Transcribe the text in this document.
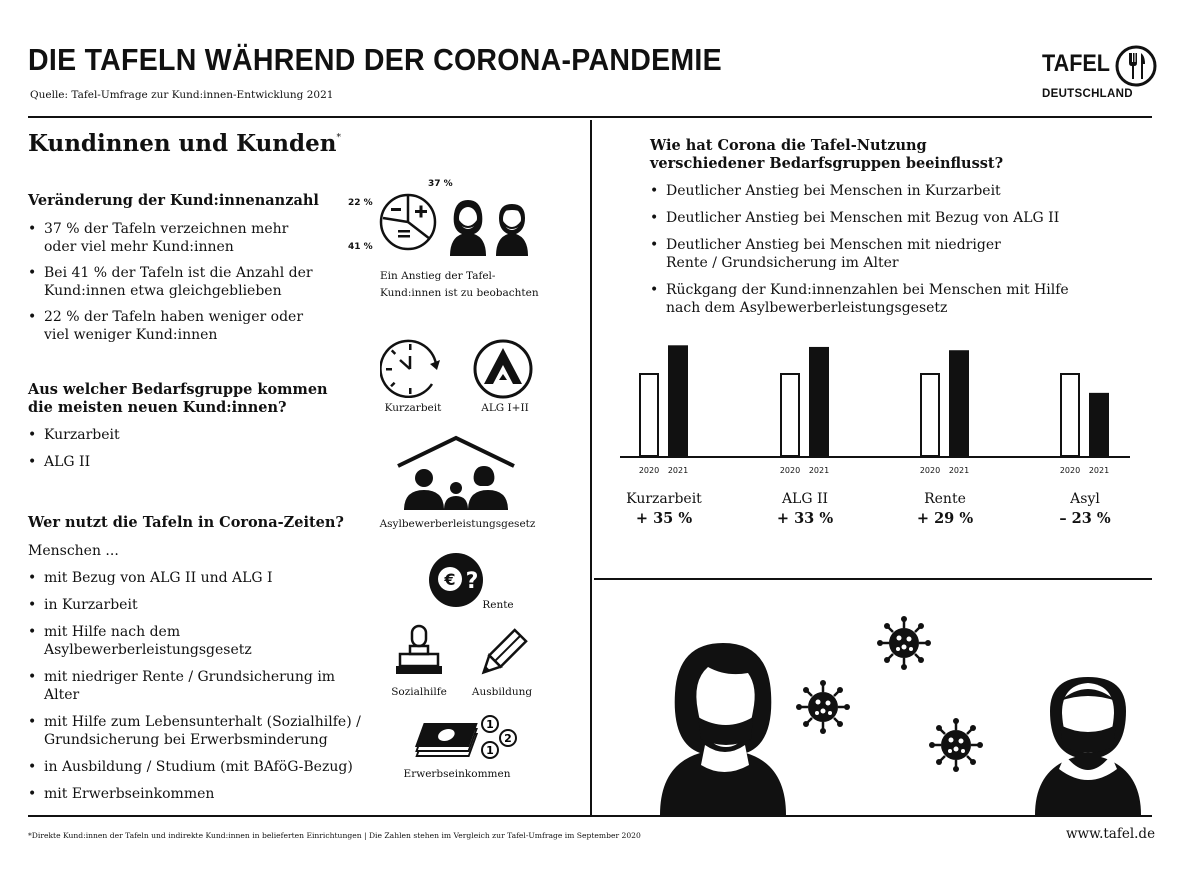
DIE TAFELN WÄHREND DER CORONA-PANDEMIE
Quelle: Tafel-Umfrage zur Kund:innen-Entwicklung 2021
TAFEL
DEUTSCHLAND
Kundinnen und Kunden*
Veränderung der Kund:innenanzahl
• 37 % der Tafeln verzeichnen mehr oder viel mehr Kund:innen
• Bei 41 % der Tafeln ist die Anzahl der Kund:innen etwa gleichgeblieben
• 22 % der Tafeln haben weniger oder viel weniger Kund:innen
37 %
22 %
41 %
Ein Anstieg der Tafel-
Kund:innen ist zu beobachten
Aus welcher Bedarfsgruppe kommen
die meisten neuen Kund:innen?
• Kurzarbeit
• ALG II
Kurzarbeit	ALG I+II
Asylbewerberleistungsgesetz
Wer nutzt die Tafeln in Corona-Zeiten?
Menschen ...
• mit Bezug von ALG II und ALG I
• in Kurzarbeit
• mit Hilfe nach dem Asylbewerberleistungsgesetz
• mit niedriger Rente / Grundsicherung im Alter
• mit Hilfe zum Lebensunterhalt (Sozialhilfe) / Grundsicherung bei Erwerbsminderung
• in Ausbildung / Studium (mit BAföG-Bezug)
• mit Erwerbseinkommen
€ ?
Rente
Sozialhilfe	Ausbildung
1
2
1
Erwerbseinkommen
Wie hat Corona die Tafel-Nutzung
verschiedener Bedarfsgruppen beeinflusst?
• Deutlicher Anstieg bei Menschen in Kurzarbeit
• Deutlicher Anstieg bei Menschen mit Bezug von ALG II
• Deutlicher Anstieg bei Menschen mit niedriger Rente / Grundsicherung im Alter
• Rückgang der Kund:innenzahlen bei Menschen mit Hilfe nach dem Asylbewerberleistungsgesetz
2020 2021	2020 2021	2020 2021	2020 2021
Kurzarbeit
+ 35 %
ALG II
+ 33 %
Rente
+ 29 %
Asyl
– 23 %
*Direkte Kund:innen der Tafeln und indirekte Kund:innen in belieferten Einrichtungen | Die Zahlen stehen im Vergleich zur Tafel-Umfrage im September 2020	www.tafel.de
